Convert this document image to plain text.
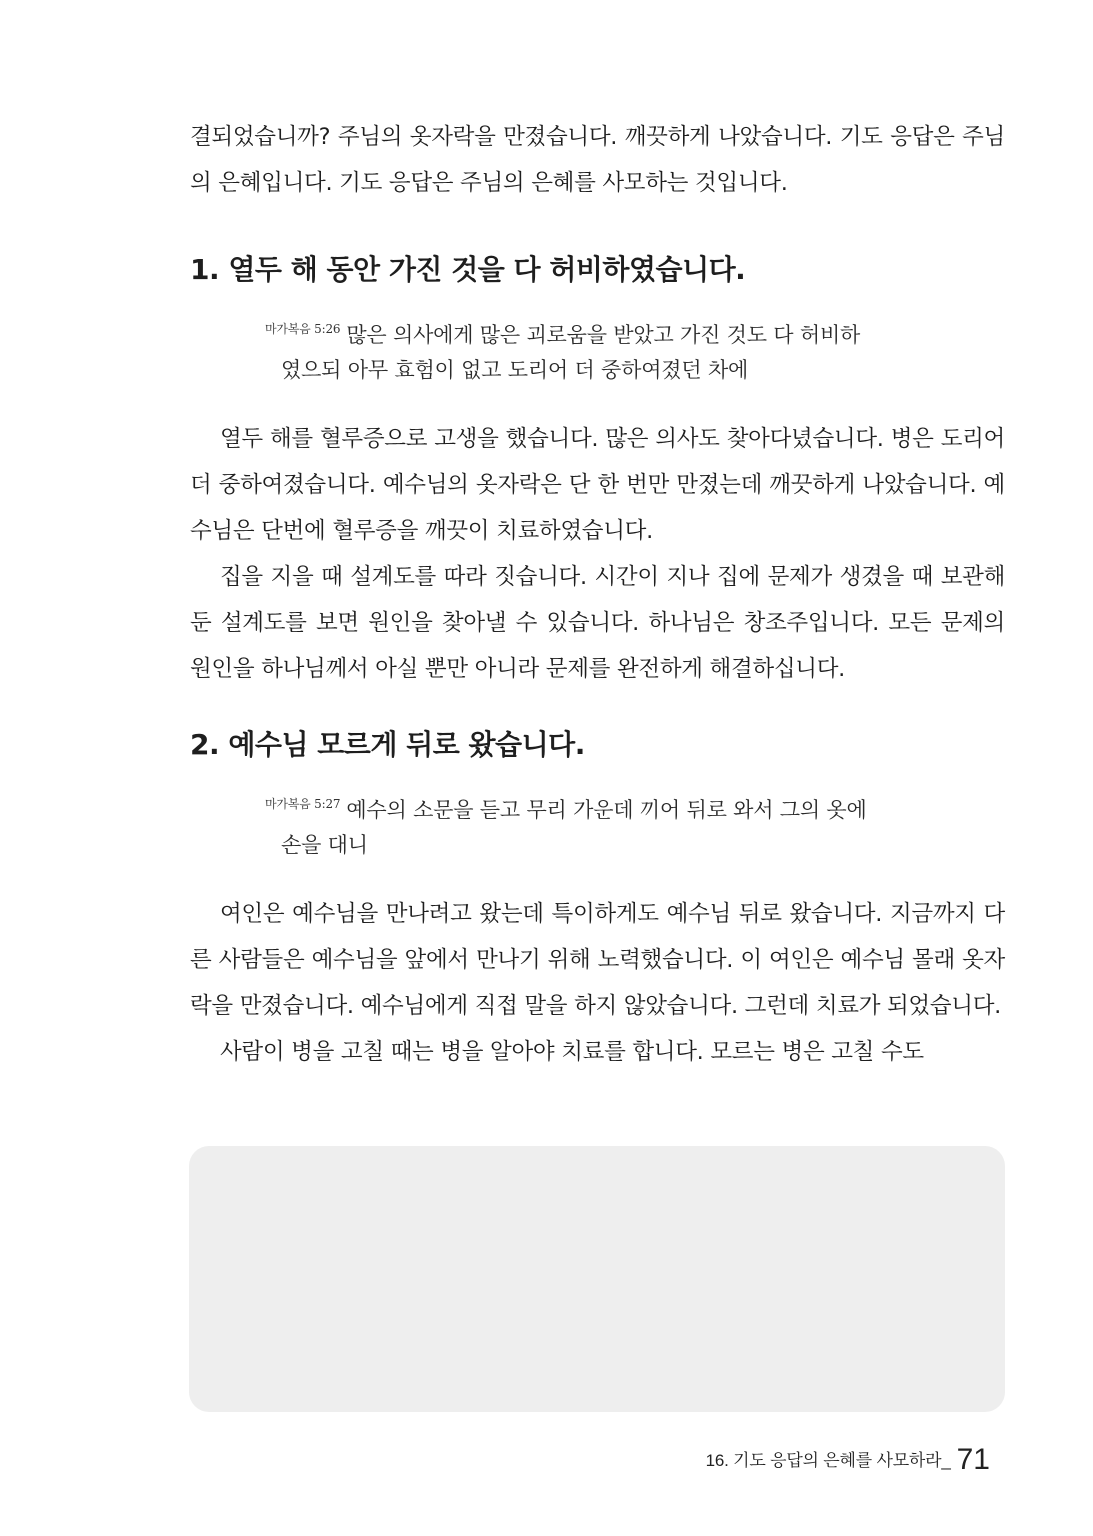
결되었습니까? 주님의 옷자락을 만졌습니다. 깨끗하게 나았습니다. 기도 응답은 주님의 은혜입니다. 기도 응답은 주님의 은혜를 사모하는 것입니다.

1. 열두 해 동안 가진 것을 다 허비하였습니다.
$^{마가복음 5:26}$ 많은 의사에게 많은 괴로움을 받았고 가진 것도 다 허비하
였으되 아무 효험이 없고 도리어 더 중하여졌던 차에

열두 해를 혈루증으로 고생을 했습니다. 많은 의사도 찾아다녔습니다. 병은 도리어 더 중하여졌습니다. 예수님의 옷자락은 단 한 번만 만졌는데 깨끗하게 나았습니다. 예수님은 단번에 혈루증을 깨끗이 치료하였습니다.

집을 지을 때 설계도를 따라 짓습니다. 시간이 지나 집에 문제가 생겼을 때 보관해둔 설계도를 보면 원인을 찾아낼 수 있습니다. 하나님은 창조주입니다. 모든 문제의 원인을 하나님께서 아실 뿐만 아니라 문제를 완전하게 해결하십니다.

2. 예수님 모르게 뒤로 왔습니다.
$^{마가복음 5:27}$ 예수의 소문을 듣고 무리 가운데 끼어 뒤로 와서 그의 옷에
손을 대니

여인은 예수님을 만나려고 왔는데 특이하게도 예수님 뒤로 왔습니다. 지금까지 다른 사람들은 예수님을 앞에서 만나기 위해 노력했습니다. 이 여인은 예수님 몰래 옷자락을 만졌습니다. 예수님에게 직접 말을 하지 않았습니다. 그런데 치료가 되었습니다.

사람이 병을 고칠 때는 병을 알아야 치료를 합니다. 모르는 병은 고칠 수도

16. 기도 응답의 은혜를 사모하라_ 71
